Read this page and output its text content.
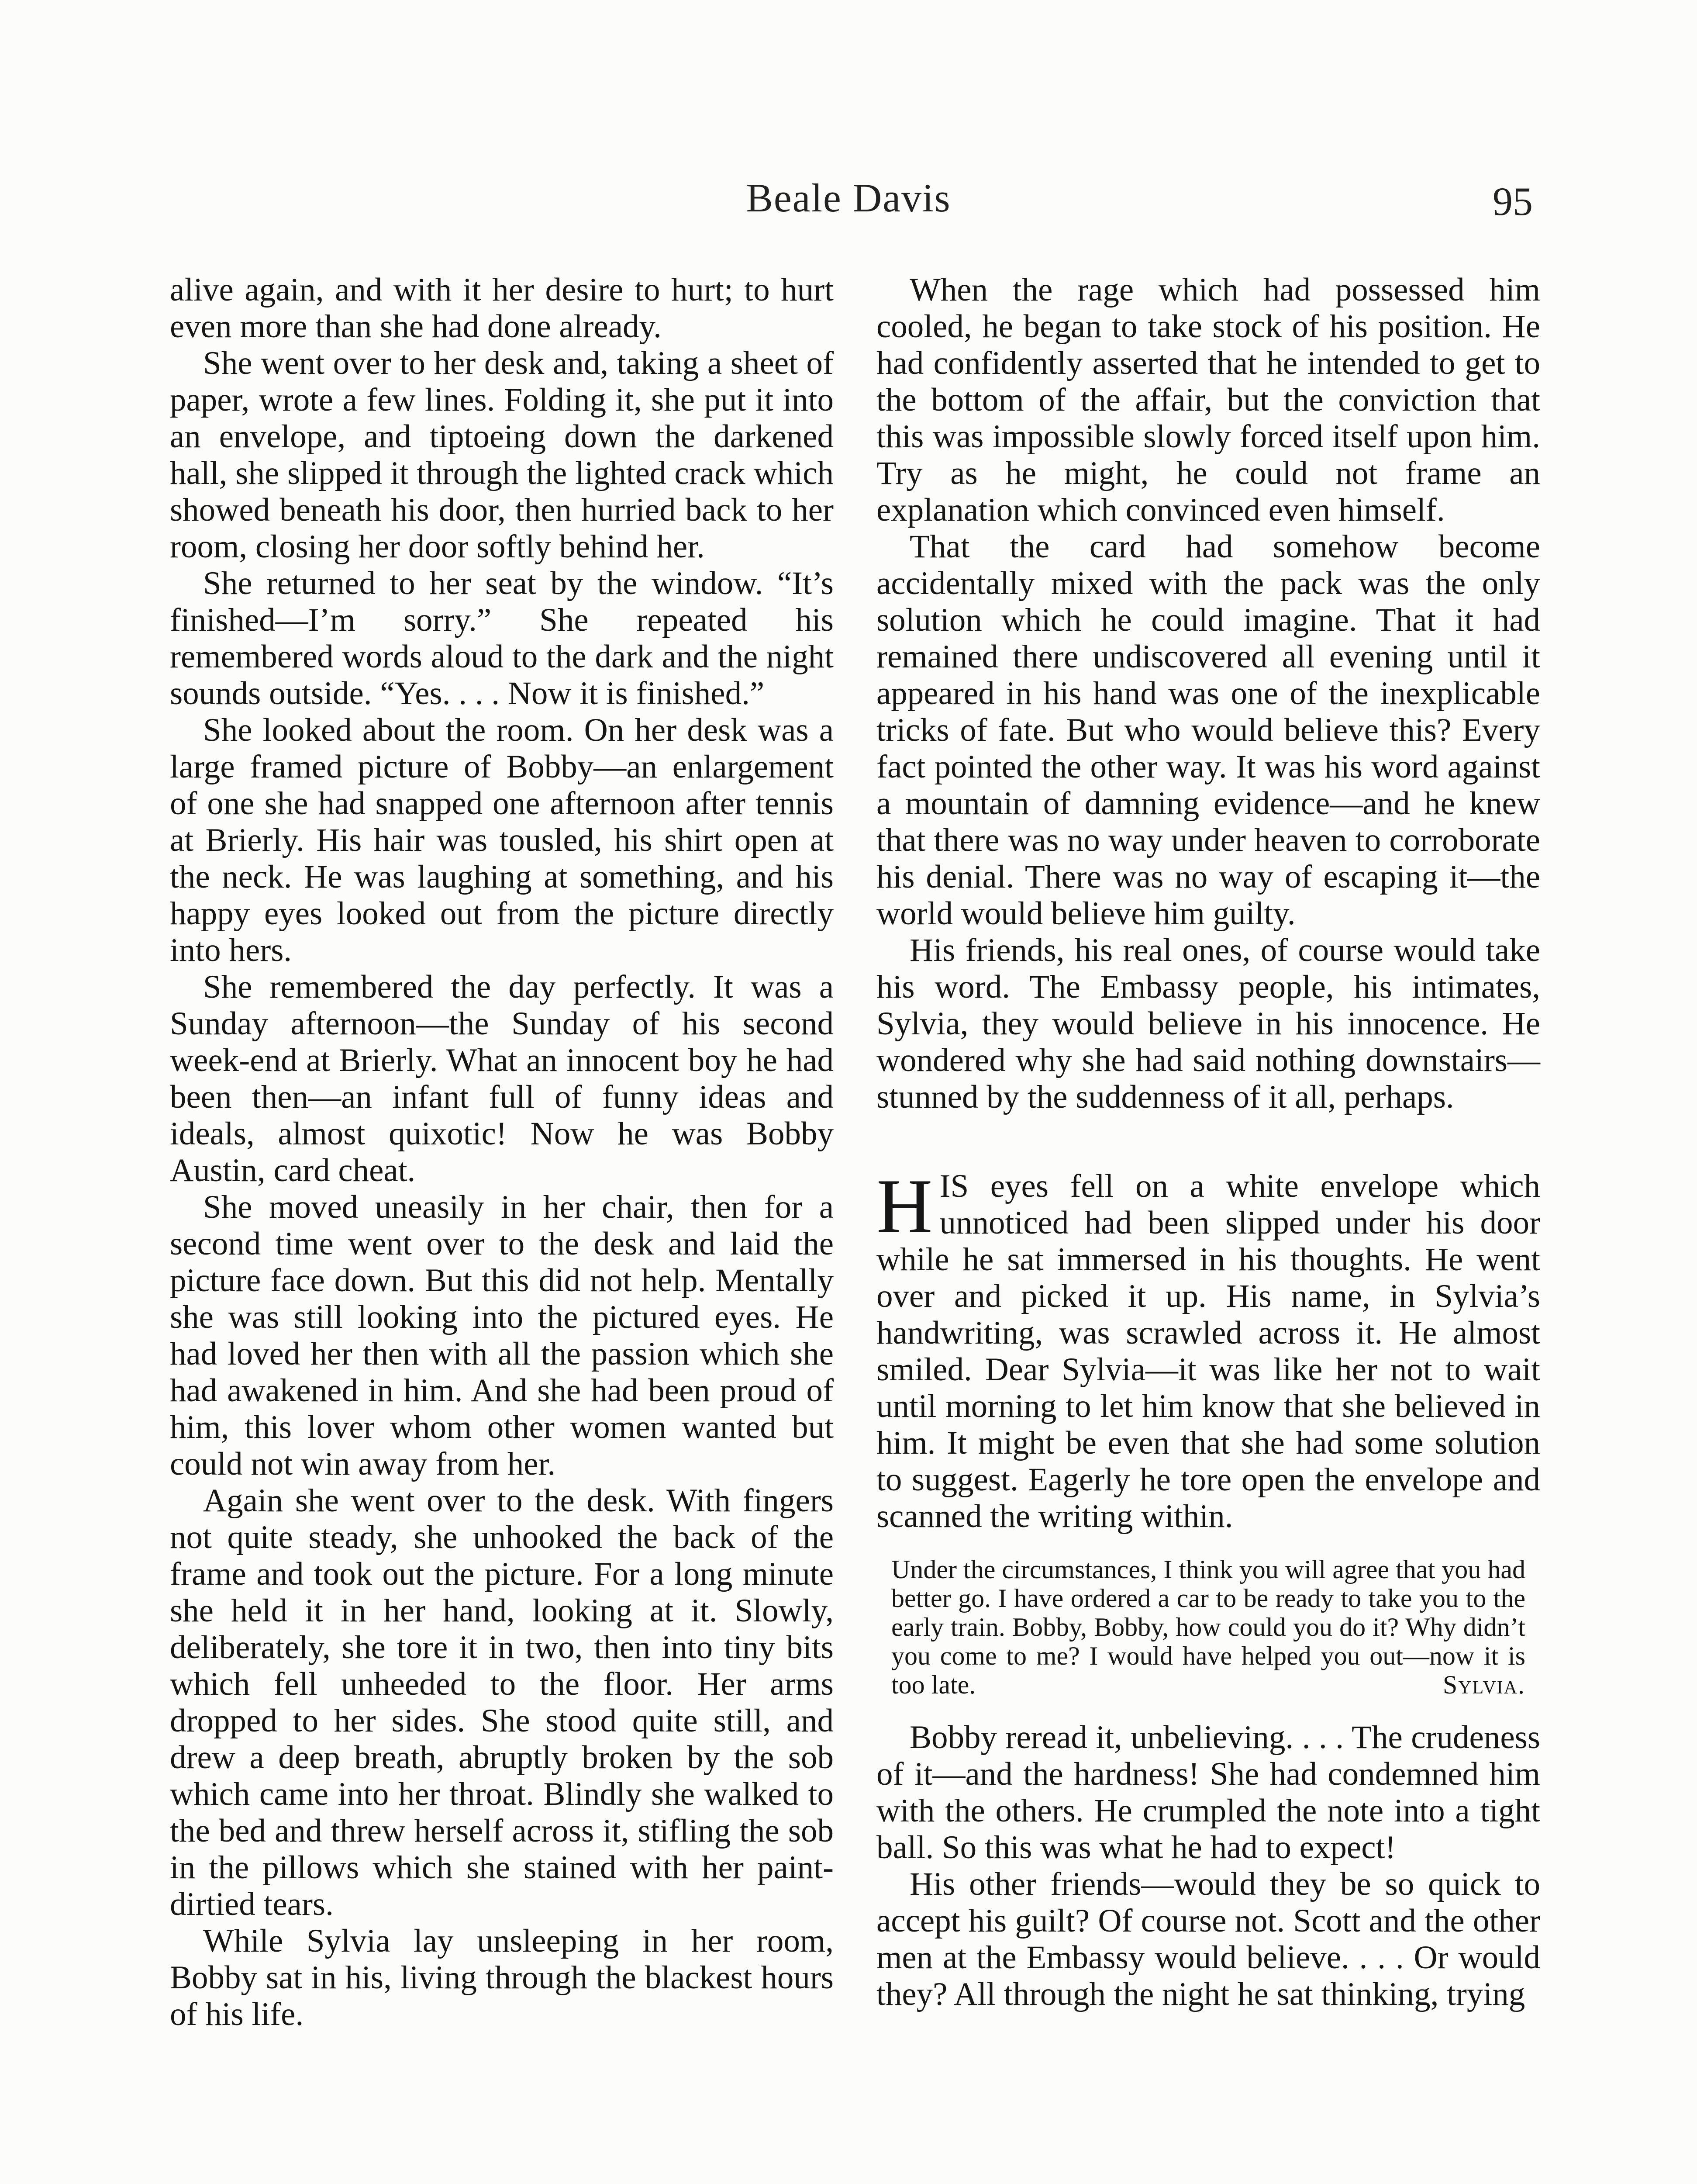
Beale Davis	95

alive again, and with it her desire to hurt; to hurt even more than she had done already.

She went over to her desk and, taking a sheet of paper, wrote a few lines. Folding it, she put it into an envelope, and tiptoeing down the darkened hall, she slipped it through the lighted crack which showed beneath his door, then hurried back to her room, closing her door softly behind her.

She returned to her seat by the window. “It’s finished—I’m sorry.” She repeated his remembered words aloud to the dark and the night sounds outside. “Yes. . . . Now it is finished.”

She looked about the room. On her desk was a large framed picture of Bobby—an enlargement of one she had snapped one afternoon after tennis at Brierly. His hair was tousled, his shirt open at the neck. He was laughing at something, and his happy eyes looked out from the picture directly into hers.

She remembered the day perfectly. It was a Sunday afternoon—the Sunday of his second week-end at Brierly. What an innocent boy he had been then—an infant full of funny ideas and ideals, almost quixotic! Now he was Bobby Austin, card cheat.

She moved uneasily in her chair, then for a second time went over to the desk and laid the picture face down. But this did not help. Mentally she was still looking into the pictured eyes. He had loved her then with all the passion which she had awakened in him. And she had been proud of him, this lover whom other women wanted but could not win away from her.

Again she went over to the desk. With fingers not quite steady, she unhooked the back of the frame and took out the picture. For a long minute she held it in her hand, looking at it. Slowly, deliberately, she tore it in two, then into tiny bits which fell unheeded to the floor. Her arms dropped to her sides. She stood quite still, and drew a deep breath, abruptly broken by the sob which came into her throat. Blindly she walked to the bed and threw herself across it, stifling the sob in the pillows which she stained with her paint-dirtied tears.

While Sylvia lay unsleeping in her room, Bobby sat in his, living through the blackest hours of his life.

When the rage which had possessed him cooled, he began to take stock of his position. He had confidently asserted that he intended to get to the bottom of the affair, but the conviction that this was impossible slowly forced itself upon him. Try as he might, he could not frame an explanation which convinced even himself.

That the card had somehow become accidentally mixed with the pack was the only solution which he could imagine. That it had remained there undiscovered all evening until it appeared in his hand was one of the inexplicable tricks of fate. But who would believe this? Every fact pointed the other way. It was his word against a mountain of damning evidence—and he knew that there was no way under heaven to corroborate his denial. There was no way of escaping it—the world would believe him guilty.

His friends, his real ones, of course would take his word. The Embassy people, his intimates, Sylvia, they would believe in his innocence. He wondered why she had said nothing downstairs—stunned by the suddenness of it all, perhaps.

H IS eyes fell on a white envelope which unnoticed had been slipped under his door while he sat immersed in his thoughts. He went over and picked it up. His name, in Sylvia’s handwriting, was scrawled across it. He almost smiled. Dear Sylvia—it was like her not to wait until morning to let him know that she believed in him. It might be even that she had some solution to suggest. Eagerly he tore open the envelope and scanned the writing within.

Under the circumstances, I think you will agree that you had better go. I have ordered a car to be ready to take you to the early train. Bobby, Bobby, how could you do it? Why didn’t you come to me? I would have helped you out—now it is too late.	Sylvia.

Bobby reread it, unbelieving. . . . The crudeness of it—and the hardness! She had condemned him with the others. He crumpled the note into a tight ball. So this was what he had to expect!

His other friends—would they be so quick to accept his guilt? Of course not. Scott and the other men at the Embassy would believe. . . . Or would they? All through the night he sat thinking, trying
